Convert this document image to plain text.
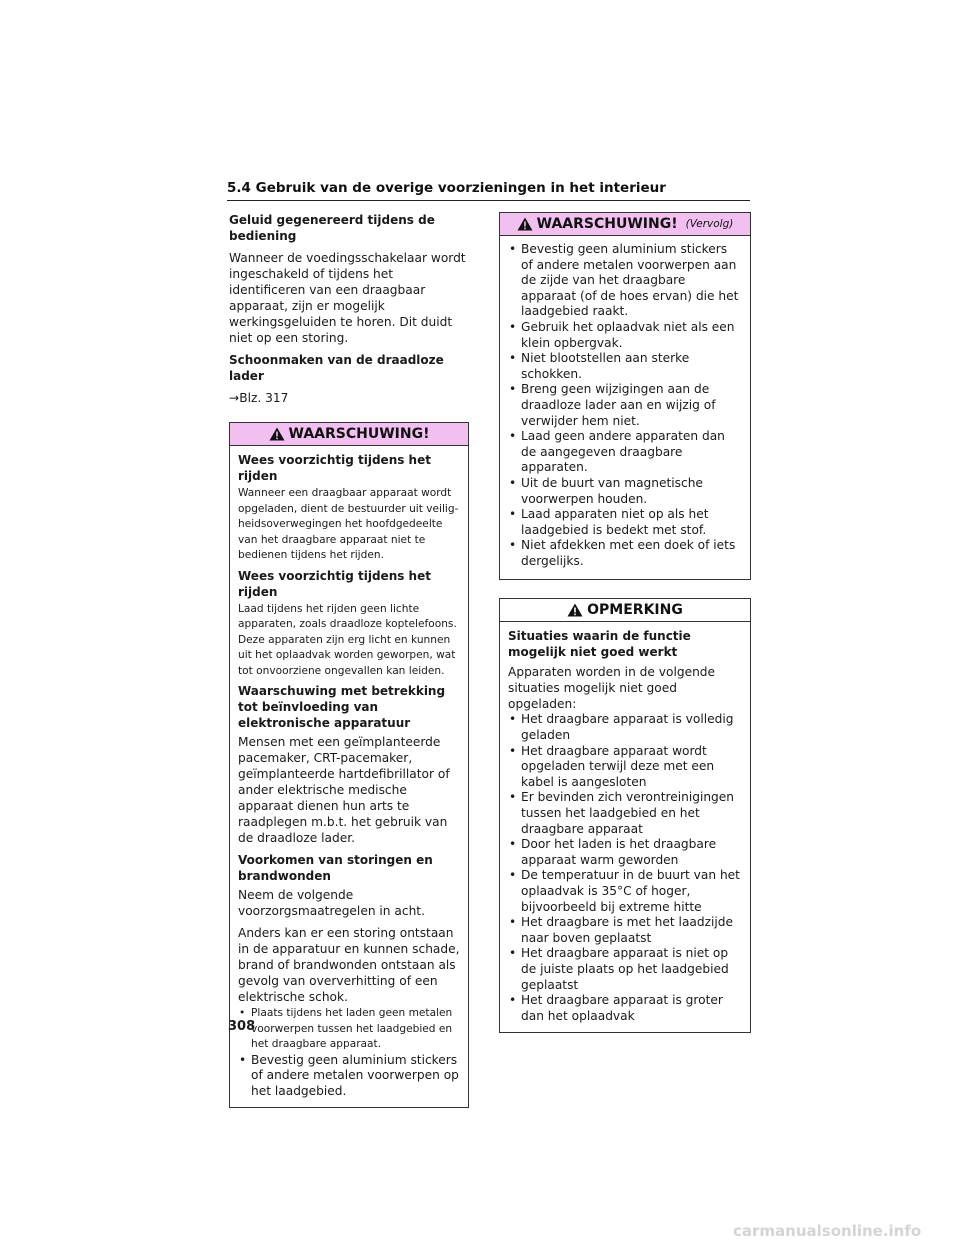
5.4 Gebruik van de overige voorzieningen in het interieur
Geluid gegenereerd tijdens de bediening
Wanneer de voedingsschakelaar wordt ingeschakeld of tijdens het identificeren van een draagbaar apparaat, zijn er mogelijk werkingsgeluiden te horen. Dit duidt niet op een storing.
Schoonmaken van de draadloze lader
→Blz. 317
WAARSCHUWING!
Wees voorzichtig tijdens het rijden
Wanneer een draagbaar apparaat wordt opgeladen, dient de bestuurder uit veilig-heidsoverwegingen het hoofdgedeelte van het draagbare apparaat niet te bedienen tijdens het rijden.
Wees voorzichtig tijdens het rijden
Laad tijdens het rijden geen lichte apparaten, zoals draadloze koptelefoons. Deze apparaten zijn erg licht en kunnen uit het oplaadvak worden geworpen, wat tot onvoorziene ongevallen kan leiden.
Waarschuwing met betrekking tot beïnvloeding van elektronische apparatuur
Mensen met een geïmplanteerde pacemaker, CRT-pacemaker, geïmplanteerde hartdefibrillator of ander elektrische medische apparaat dienen hun arts te raadplegen m.b.t. het gebruik van de draadloze lader.
Voorkomen van storingen en brandwonden
Neem de volgende voorzorgsmaatregelen in acht.
Anders kan er een storing ontstaan in de apparatuur en kunnen schade, brand of brandwonden ontstaan als gevolg van oververhitting of een elektrische schok.
• Plaats tijdens het laden geen metalen voorwerpen tussen het laadgebied en het draagbare apparaat.
• Bevestig geen aluminium stickers of andere metalen voorwerpen op het laadgebied.
WAARSCHUWING! (Vervolg)
• Bevestig geen aluminium stickers of andere metalen voorwerpen aan de zijde van het draagbare apparaat (of de hoes ervan) die het laadgebied raakt.
• Gebruik het oplaadvak niet als een klein opbergvak.
• Niet blootstellen aan sterke schokken.
• Breng geen wijzigingen aan de draadloze lader aan en wijzig of verwijder hem niet.
• Laad geen andere apparaten dan de aangegeven draagbare apparaten.
• Uit de buurt van magnetische voorwerpen houden.
• Laad apparaten niet op als het laadgebied is bedekt met stof.
• Niet afdekken met een doek of iets dergelijks.
OPMERKING
Situaties waarin de functie mogelijk niet goed werkt
Apparaten worden in de volgende situaties mogelijk niet goed opgeladen:
• Het draagbare apparaat is volledig geladen
• Het draagbare apparaat wordt opgeladen terwijl deze met een kabel is aangesloten
• Er bevinden zich verontreinigingen tussen het laadgebied en het draagbare apparaat
• Door het laden is het draagbare apparaat warm geworden
• De temperatuur in de buurt van het oplaadvak is 35°C of hoger, bijvoorbeeld bij extreme hitte
• Het draagbare is met het laadzijde naar boven geplaatst
• Het draagbare apparaat is niet op de juiste plaats op het laadgebied geplaatst
• Het draagbare apparaat is groter dan het oplaadvak
308
carmanualsonline.info
